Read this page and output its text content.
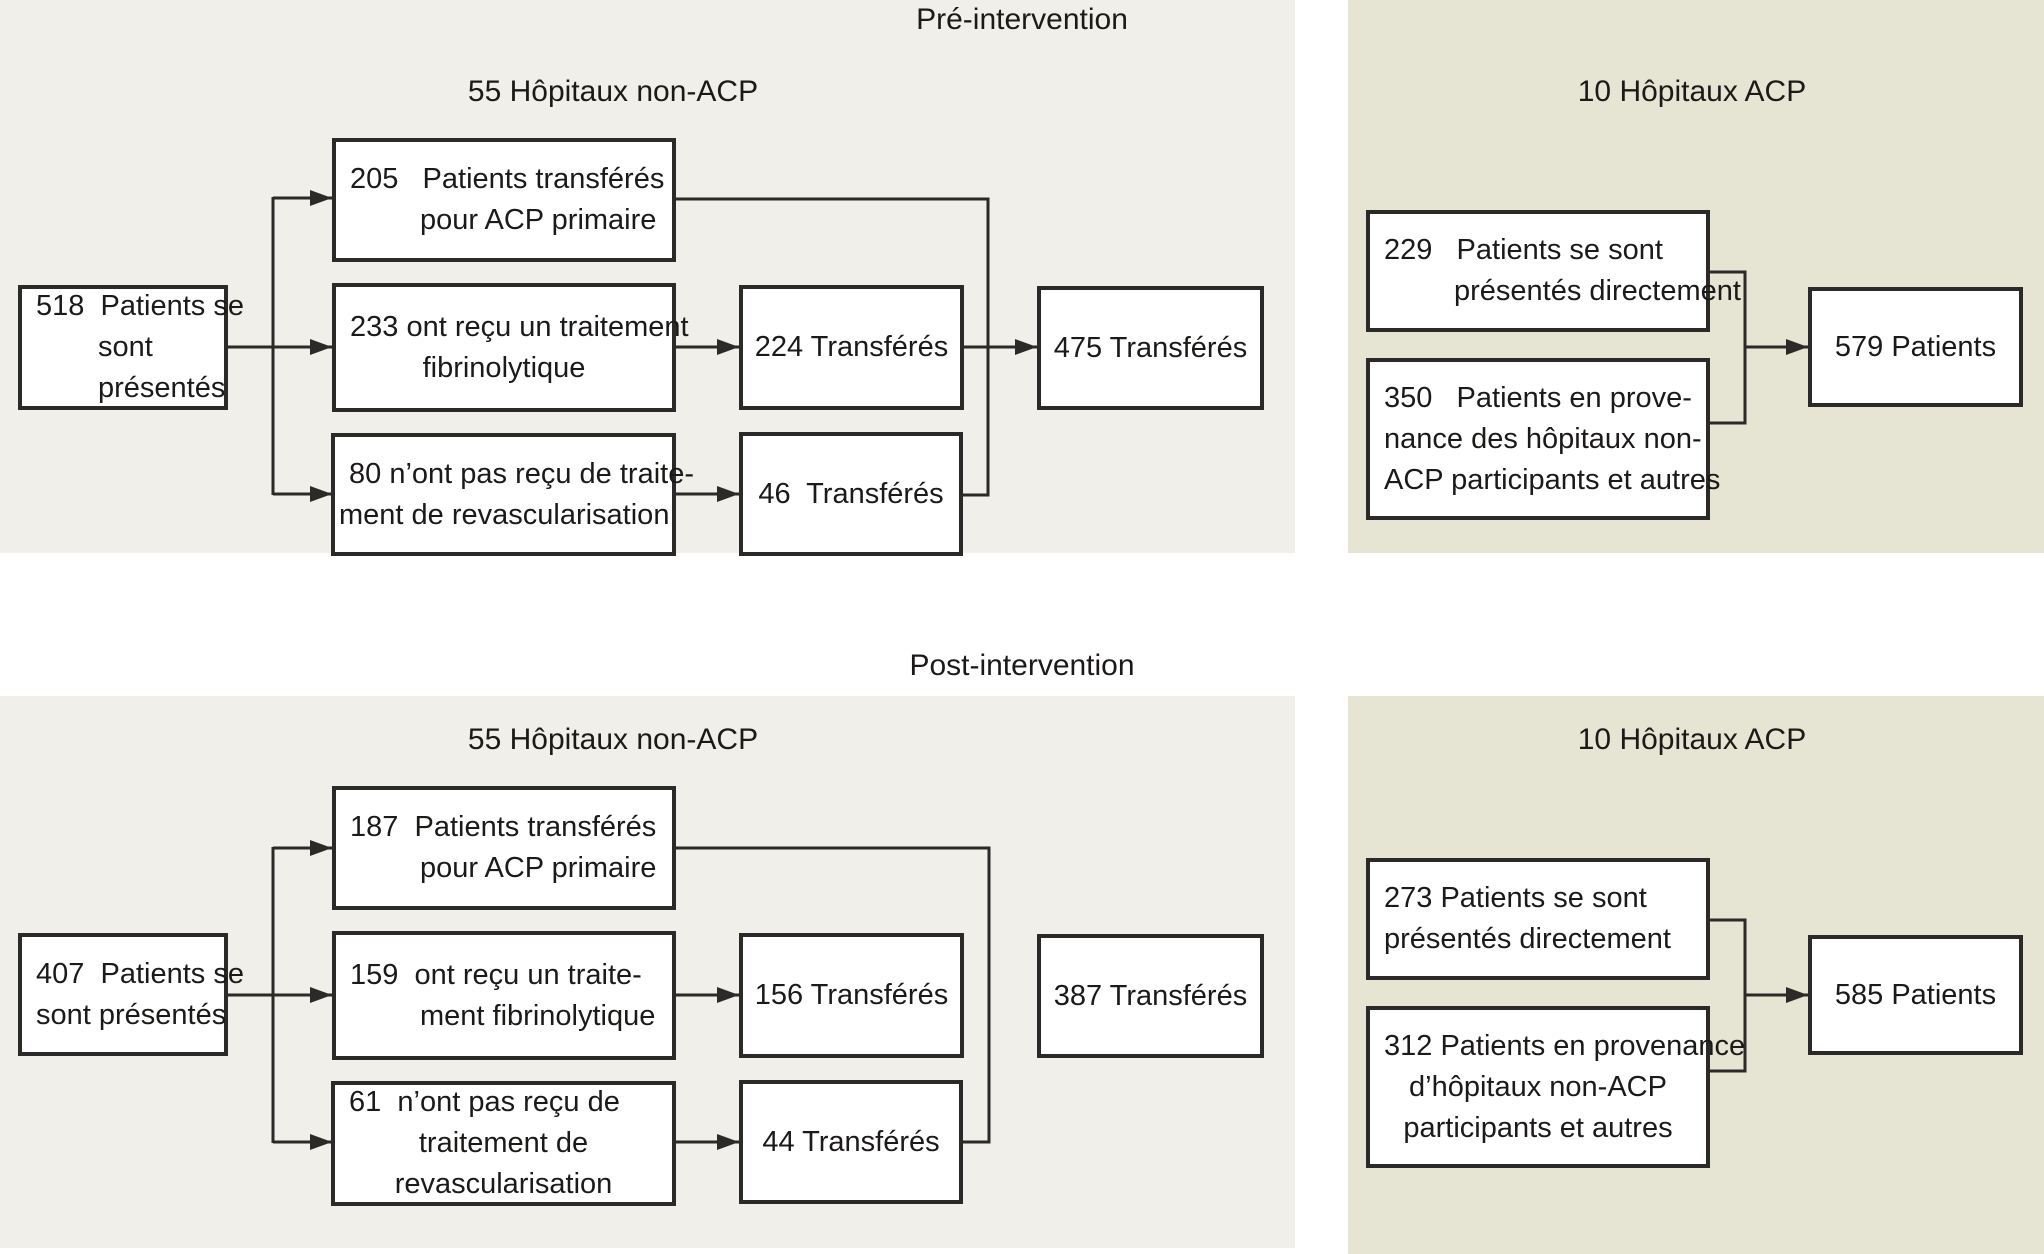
Pré-intervention
Post-intervention
55 Hôpitaux non-ACP	10 Hôpitaux ACP
55 Hôpitaux non-ACP	10 Hôpitaux ACP
518  Patients se
sont
présentés
205   Patients transférés
pour ACP primaire
233 ont reçu un traitement
fibrinolytique
80 n’ont pas reçu de traite-
ment de revascularisation
224 Transférés
46  Transférés
475 Transférés
229   Patients se sont
présentés directement
350   Patients en prove-
nance des hôpitaux non-
ACP participants et autres
579 Patients
407  Patients se
sont présentés
187  Patients transférés
pour ACP primaire
159  ont reçu un traite-
ment fibrinolytique
61  n’ont pas reçu de
traitement de
revascularisation
156 Transférés
44 Transférés
387 Transférés
273 Patients se sont
présentés directement
312 Patients en provenance
d’hôpitaux non-ACP
participants et autres
585 Patients
